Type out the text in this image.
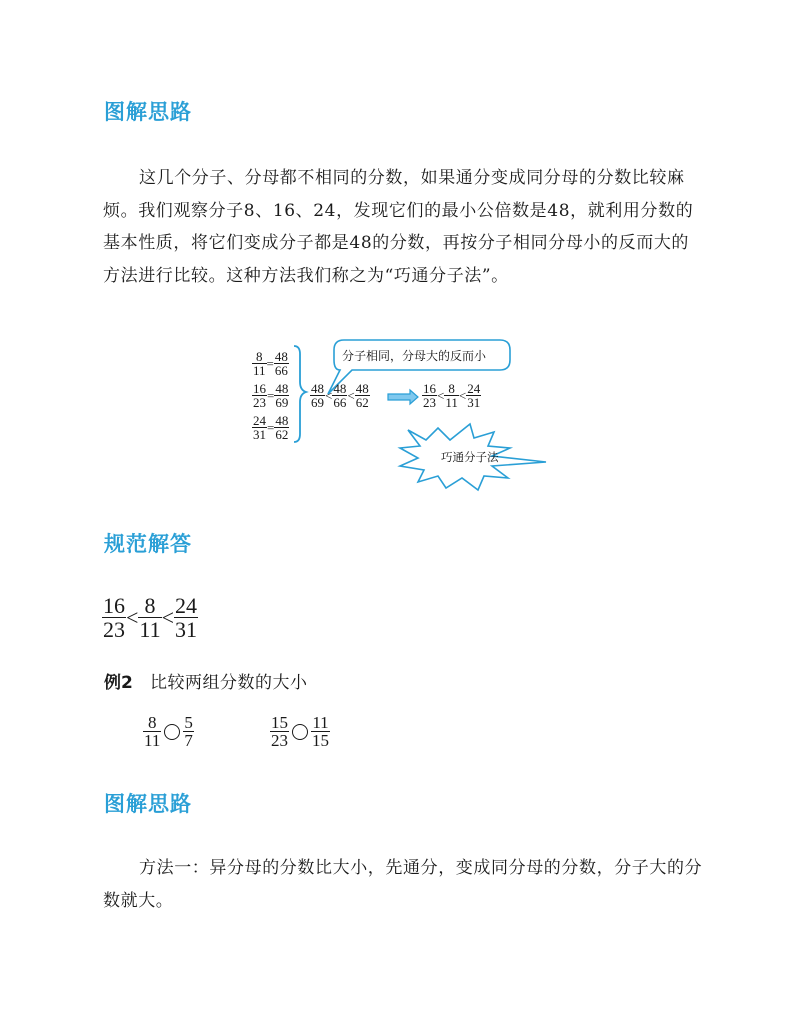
图解思路

这几个分子、分母都不相同的分数，如果通分变成同分母的分数比较麻烦。我们观察分子8、16、24，发现它们的最小公倍数是48，就利用分数的基本性质，将它们变成分子都是48的分数，再按分子相同分母小的反而大的方法进行比较。这种方法我们称之为“巧通分子法”。

$\frac{8}{11} = \frac{48}{66}$
$\frac{16}{23} = \frac{48}{69}$
$\frac{24}{31} = \frac{48}{62}$
$\frac{48}{69} < \frac{48}{66} < \frac{48}{62}$	$\frac{16}{23} < \frac{8}{11} < \frac{24}{31}$
分子相同，分母大的反而小
巧通分子法
规范解答
$\frac{16}{23} < \frac{8}{11} < \frac{24}{31}$
例2 比较两组分数的大小
$\frac{8}{11} \frac{5}{7}$	$\frac{15}{23} \frac{11}{15}$
图解思路

方法一：异分母的分数比大小，先通分，变成同分母的分数，分子大的分数就大。
